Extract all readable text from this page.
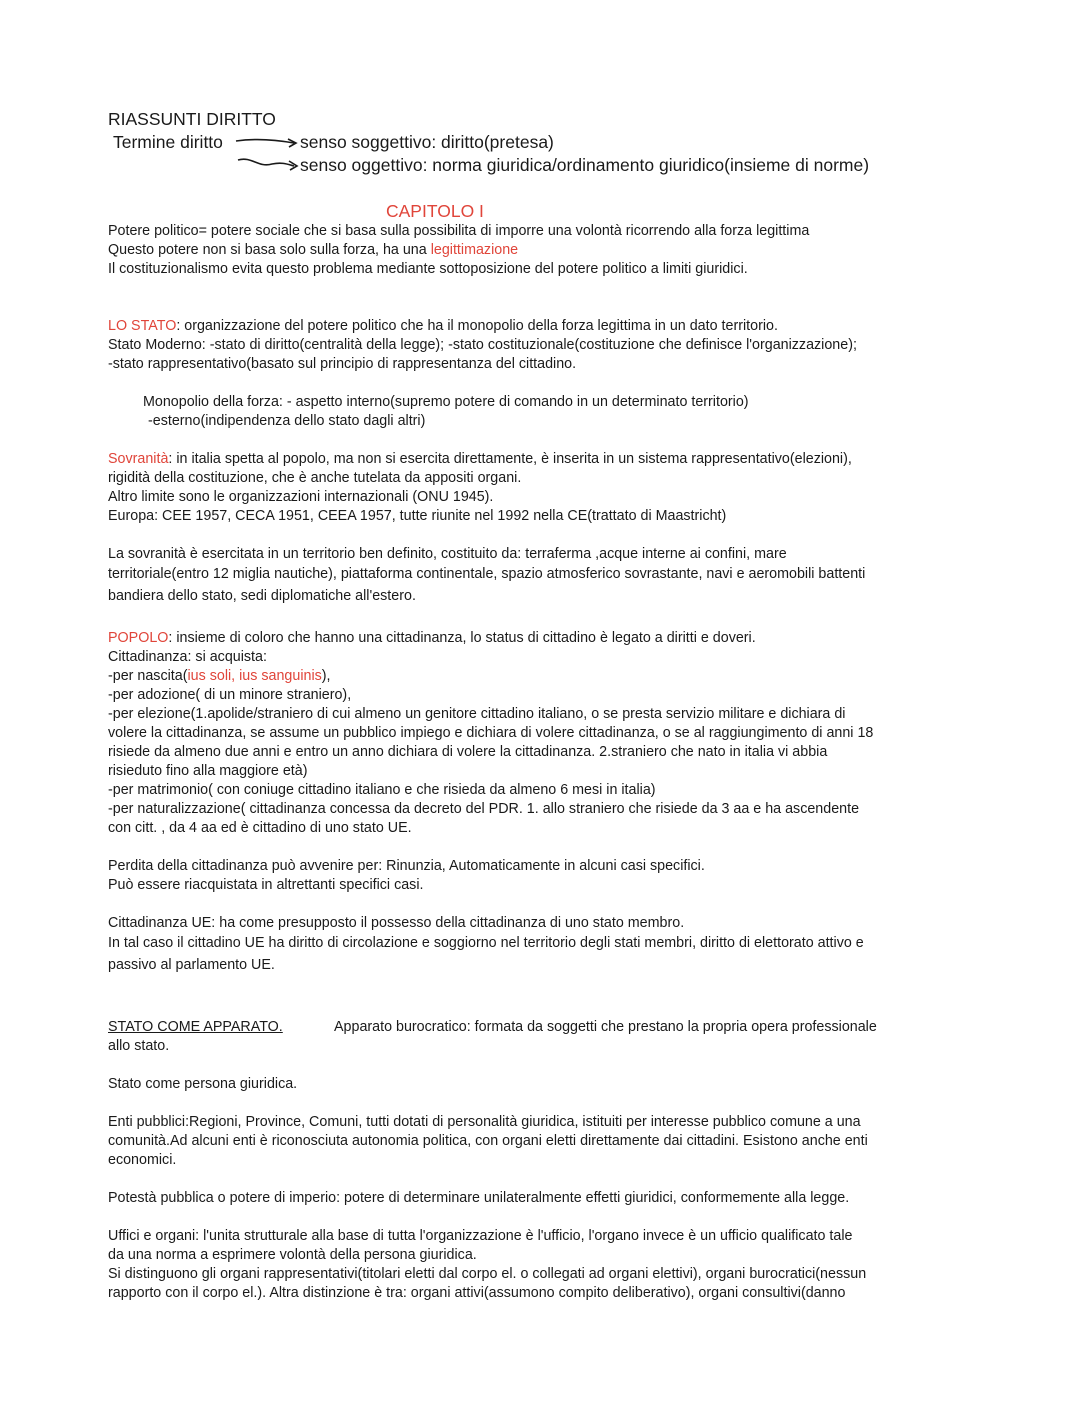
RIASSUNTI DIRITTO
Termine diritto	senso soggettivo: diritto(pretesa)
senso oggettivo: norma giuridica/ordinamento giuridico(insieme di norme)
CAPITOLO I

Potere politico= potere sociale che si basa sulla possibilita di imporre una volontà ricorrendo alla forza legittima

Questo potere non si basa solo sulla forza, ha una legittimazione

Il costituzionalismo evita questo problema mediante sottoposizione del potere politico a limiti giuridici.

LO STATO: organizzazione del potere politico che ha il monopolio della forza legittima in un dato territorio.

Stato Moderno: -stato di diritto(centralità della legge); -stato costituzionale(costituzione che definisce l'organizzazione);

-stato rappresentativo(basato sul principio di rappresentanza del cittadino.

Monopolio della forza: - aspetto interno(supremo potere di comando in un determinato territorio)

-esterno(indipendenza dello stato dagli altri)

Sovranità: in italia spetta al popolo, ma non si esercita direttamente, è inserita in un sistema rappresentativo(elezioni),

rigidità della costituzione, che è anche tutelata da appositi organi.

Altro limite sono le organizzazioni internazionali (ONU 1945).

Europa: CEE 1957, CECA 1951, CEEA 1957, tutte riunite nel 1992 nella CE(trattato di Maastricht)

La sovranità è esercitata in un territorio ben definito, costituito da: terraferma ,acque interne ai confini, mare

territoriale(entro 12 miglia nautiche), piattaforma continentale, spazio atmosferico sovrastante, navi e aeromobili battenti

bandiera dello stato, sedi diplomatiche all'estero.

POPOLO: insieme di coloro che hanno una cittadinanza, lo status di cittadino è legato a diritti e doveri.

Cittadinanza: si acquista:

-per nascita(ius soli, ius sanguinis),

-per adozione( di un minore straniero),

-per elezione(1.apolide/straniero di cui almeno un genitore cittadino italiano, o se presta servizio militare e dichiara di

volere la cittadinanza, se assume un pubblico impiego e dichiara di volere cittadinanza, o se al raggiungimento di anni 18

risiede da almeno due anni e entro un anno dichiara di volere la cittadinanza. 2.straniero che nato in italia vi abbia

risieduto fino alla maggiore età)

-per matrimonio( con coniuge cittadino italiano e che risieda da almeno 6 mesi in italia)

-per naturalizzazione( cittadinanza concessa da decreto del PDR. 1. allo straniero che risiede da 3 aa e ha ascendente

con citt. , da 4 aa ed è cittadino di uno stato UE.

Perdita della cittadinanza può avvenire per: Rinunzia, Automaticamente in alcuni casi specifici.

Può essere riacquistata in altrettanti specifici casi.

Cittadinanza UE: ha come presupposto il possesso della cittadinanza di uno stato membro.

In tal caso il cittadino UE ha diritto di circolazione e soggiorno nel territorio degli stati membri, diritto di elettorato attivo e

passivo al parlamento UE.

STATO COME APPARATO.	Apparato burocratico: formata da soggetti che prestano la propria opera professionale

allo stato.

Stato come persona giuridica.

Enti pubblici:Regioni, Province, Comuni, tutti dotati di personalità giuridica, istituiti per interesse pubblico comune a una

comunità.Ad alcuni enti è riconosciuta autonomia politica, con organi eletti direttamente dai cittadini. Esistono anche enti

economici.

Potestà pubblica o potere di imperio: potere di determinare unilateralmente effetti giuridici, conformemente alla legge.

Uffici e organi: l'unita strutturale alla base di tutta l'organizzazione è l'ufficio, l'organo invece è un ufficio qualificato tale

da una norma a esprimere volontà della persona giuridica.

Si distinguono gli organi rappresentativi(titolari eletti dal corpo el. o collegati ad organi elettivi), organi burocratici(nessun

rapporto con il corpo el.). Altra distinzione è tra: organi attivi(assumono compito deliberativo), organi consultivi(danno
